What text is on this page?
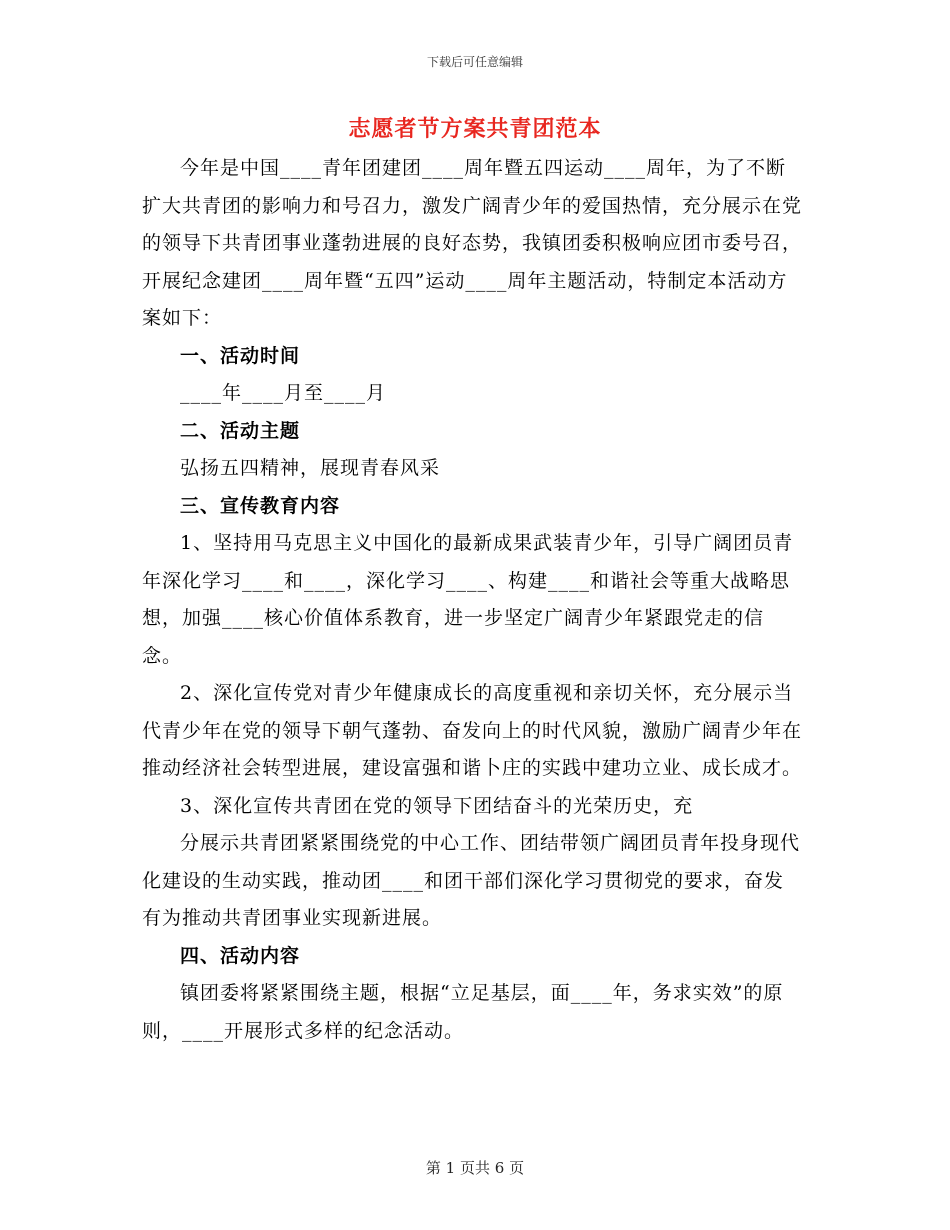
下载后可任意编辑
志愿者节方案共青团范本

今年是中国____青年团建团____周年暨五四运动____周年，为了不断扩大共青团的影响力和号召力，激发广阔青少年的爱国热情，充分展示在党的领导下共青团事业蓬勃进展的良好态势，我镇团委积极响应团市委号召，开展纪念建团____周年暨“五四”运动____周年主题活动，特制定本活动方案如下：

一、活动时间

____年____月至____月

二、活动主题

弘扬五四精神，展现青春风采

三、宣传教育内容

1、坚持用马克思主义中国化的最新成果武装青少年，引导广阔团员青年深化学习____和____，深化学习____、构建____和谐社会等重大战略思想，加强____核心价值体系教育，进一步坚定广阔青少年紧跟党走的信念。

2、深化宣传党对青少年健康成长的高度重视和亲切关怀，充分展示当代青少年在党的领导下朝气蓬勃、奋发向上的时代风貌，激励广阔青少年在推动经济社会转型进展，建设富强和谐卜庄的实践中建功立业、成长成才。

3、深化宣传共青团在党的领导下团结奋斗的光荣历史，充

分展示共青团紧紧围绕党的中心工作、团结带领广阔团员青年投身现代化建设的生动实践，推动团____和团干部们深化学习贯彻党的要求，奋发有为推动共青团事业实现新进展。

四、活动内容

镇团委将紧紧围绕主题，根据“立足基层，面____年，务求实效”的原则，____开展形式多样的纪念活动。

第 1 页共 6 页
